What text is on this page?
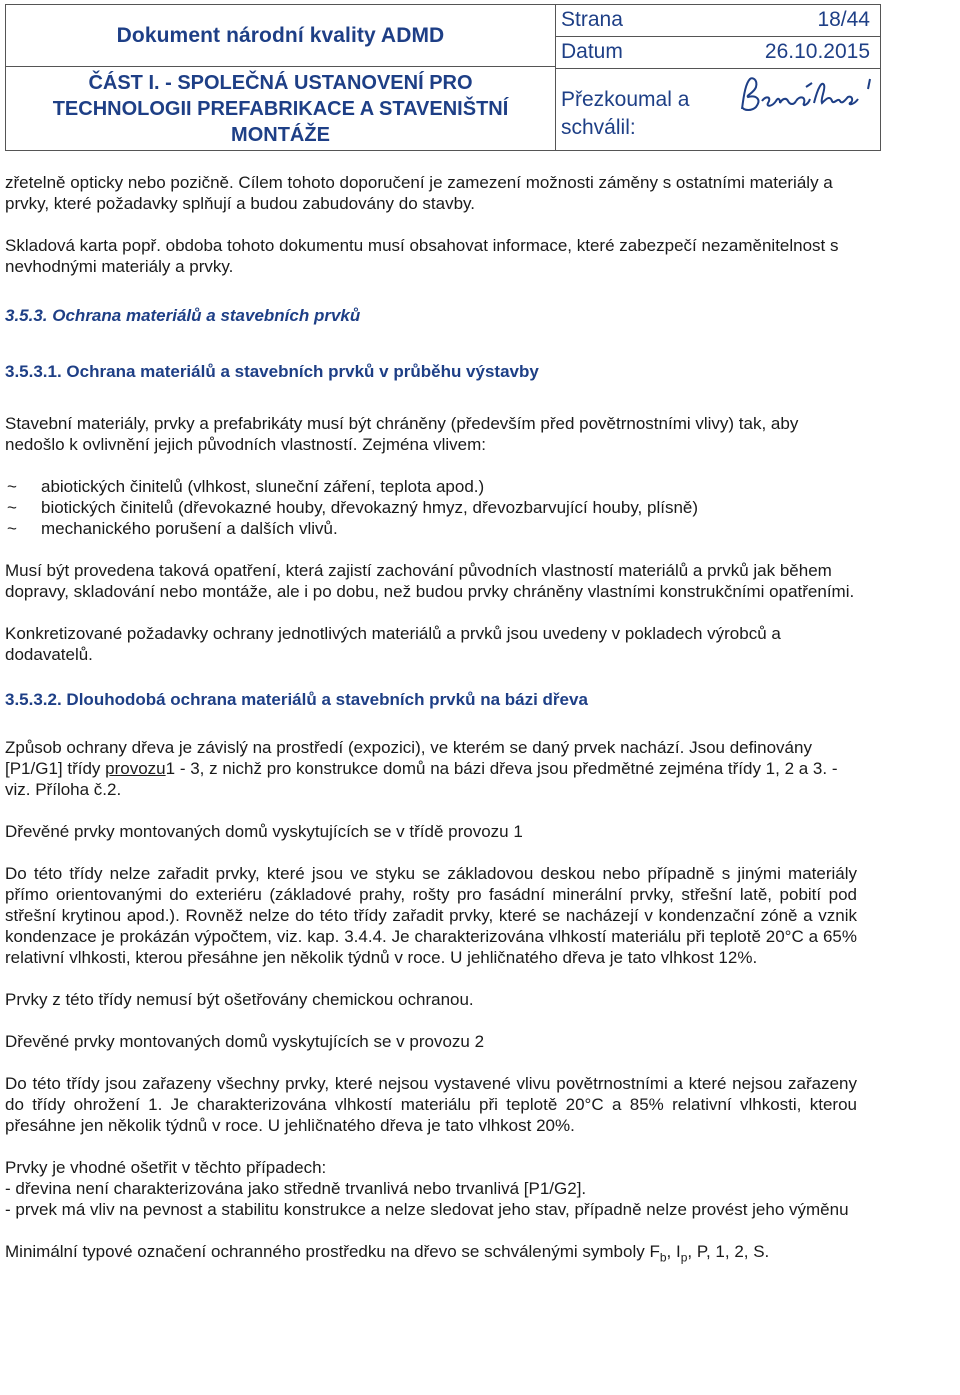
Dokument národní kvality ADMD
ČÁST I. - SPOLEČNÁ USTANOVENÍ PRO
TECHNOLOGII PREFABRIKACE A STAVENIŠTNÍ
MONTÁŽE
Strana	18/44
Datum	26.10.2015
Přezkoumal a
schválil:

zřetelně opticky nebo pozičně. Cílem tohoto doporučení je zamezení možnosti záměny s ostatními materiály a prvky, které požadavky splňují a budou zabudovány do stavby.

Skladová karta popř. obdoba tohoto dokumentu musí obsahovat informace, které zabezpečí nezaměnitelnost s nevhodnými materiály a prvky.

3.5.3. Ochrana materiálů a stavebních prvků

3.5.3.1. Ochrana materiálů a stavebních prvků v průběhu výstavby

Stavební materiály, prvky a prefabrikáty musí být chráněny (především před povětrnostními vlivy) tak, aby nedošlo k ovlivnění jejich původních vlastností. Zejména vlivem:

~	abiotických činitelů (vlhkost, sluneční záření, teplota apod.)
~	biotických činitelů (dřevokazné houby, dřevokazný hmyz, dřevozbarvující houby, plísně)
~	mechanického porušení a dalších vlivů.

Musí být provedena taková opatření, která zajistí zachování původních vlastností materiálů a prvků jak během dopravy, skladování nebo montáže, ale i po dobu, než budou prvky chráněny vlastními konstrukčními opatřeními.

Konkretizované požadavky ochrany jednotlivých materiálů a prvků jsou uvedeny v pokladech výrobců a dodavatelů.

3.5.3.2. Dlouhodobá ochrana materiálů a stavebních prvků na bázi dřeva

Způsob ochrany dřeva je závislý na prostředí (expozici), ve kterém se daný prvek nachází. Jsou definovány [P1/G1] třídy provozu1 - 3, z nichž pro konstrukce domů na bázi dřeva jsou předmětné zejména třídy 1, 2 a 3. - viz. Příloha č.2.

Dřevěné prvky montovaných domů vyskytujících se v třídě provozu 1

Do této třídy nelze zařadit prvky, které jsou ve styku se základovou deskou nebo případně s jinými materiály přímo orientovanými do exteriéru (základové prahy, rošty pro fasádní minerální prvky, střešní latě, pobití pod střešní krytinou apod.). Rovněž nelze do této třídy zařadit prvky, které se nacházejí v kondenzační zóně a vznik kondenzace je prokázán výpočtem, viz. kap. 3.4.4. Je charakterizována vlhkostí materiálu při teplotě 20°C a 65% relativní vlhkosti, kterou přesáhne jen několik týdnů v roce. U jehličnatého dřeva je tato vlhkost 12%.

Prvky z této třídy nemusí být ošetřovány chemickou ochranou.

Dřevěné prvky montovaných domů vyskytujících se v provozu 2

Do této třídy jsou zařazeny všechny prvky, které nejsou vystavené vlivu povětrnostními a které nejsou zařazeny do třídy ohrožení 1. Je charakterizována vlhkostí materiálu při teplotě 20°C a 85% relativní vlhkosti, kterou přesáhne jen několik týdnů v roce. U jehličnatého dřeva je tato vlhkost 20%.

Prvky je vhodné ošetřit v těchto případech:

- dřevina není charakterizována jako středně trvanlivá nebo trvanlivá [P1/G2].

- prvek má vliv na pevnost a stabilitu konstrukce a nelze sledovat jeho stav, případně nelze provést jeho výměnu

Minimální typové označení ochranného prostředku na dřevo se schválenými symboly $F_b$, $I_p$, P, 1, 2, S.
